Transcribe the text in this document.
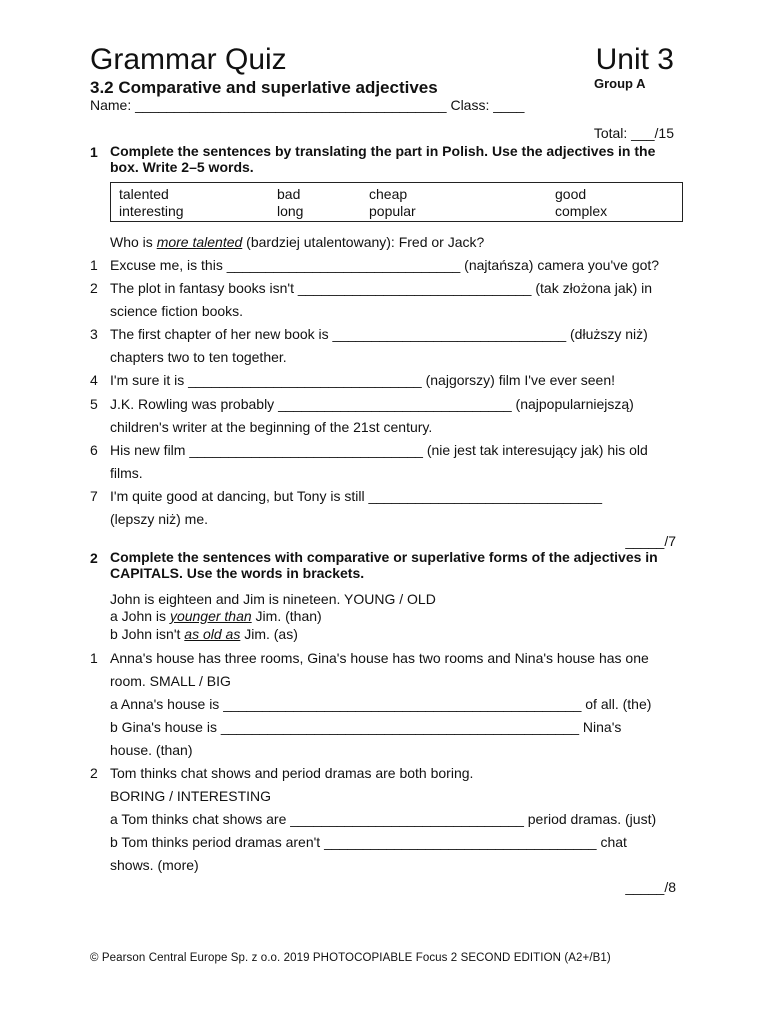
Grammar Quiz	Unit 3
3.2 Comparative and superlative adjectives	Group A
Name: ________________________________________ Class: ____
Total: ___/15
1 Complete the sentences by translating the part in Polish. Use the adjectives in the box. Write 2–5 words.
talented	bad	cheap	good
interesting	long	popular	complex
Who is more talented (bardziej utalentowany): Fred or Jack?
1 Excuse me, is this ______________________________ (najtańsza) camera you've got?
2 The plot in fantasy books isn't ______________________________ (tak złożona jak) in
science fiction books.
3 The first chapter of her new book is ______________________________ (dłuższy niż)
chapters two to ten together.
4 I'm sure it is ______________________________ (najgorszy) film I've ever seen!
5 J.K. Rowling was probably ______________________________ (najpopularniejszą)
children's writer at the beginning of the 21st century.
6 His new film ______________________________ (nie jest tak interesujący jak) his old
films.
7 I'm quite good at dancing, but Tony is still ______________________________
(lepszy niż) me.
_____/7
2 Complete the sentences with comparative or superlative forms of the adjectives in CAPITALS. Use the words in brackets.
John is eighteen and Jim is nineteen. YOUNG / OLD
a John is younger than Jim. (than)
b John isn't as old as Jim. (as)
1 Anna's house has three rooms, Gina's house has two rooms and Nina's house has one
room. SMALL / BIG
a Anna's house is ______________________________________________ of all. (the)
b Gina's house is ______________________________________________ Nina's
house. (than)
2 Tom thinks chat shows and period dramas are both boring.
BORING / INTERESTING
a Tom thinks chat shows are ______________________________ period dramas. (just)
b Tom thinks period dramas aren't ___________________________________ chat
shows. (more)
_____/8
© Pearson Central Europe Sp. z o.o. 2019 PHOTOCOPIABLE Focus 2 SECOND EDITION (A2+/B1)
